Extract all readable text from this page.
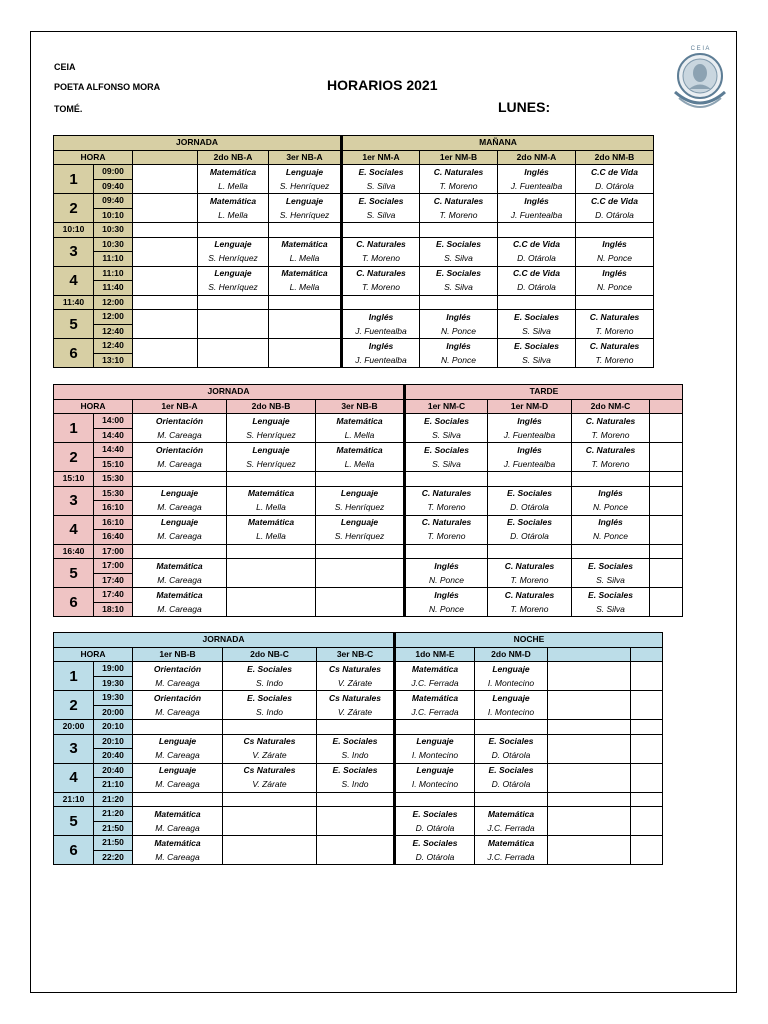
CEIA
POETA ALFONSO MORA
TOMÉ.
HORARIOS 2021
LUNES:
C E I A
JORNADA					MAÑANA			
HORA			2do NB-A	3er NB-A	1er NM-A	1er NM-B	2do NM-A	2do NM-B
1	09:00		Matemática	Lenguaje	E. Sociales	C. Naturales	Inglés	C.C de Vida
	09:40		L. Mella	S. Henríquez	S. Silva	T. Moreno	J. Fuentealba	D. Otárola
2	09:40		Matemática	Lenguaje	E. Sociales	C. Naturales	Inglés	C.C de Vida
	10:10		L. Mella	S. Henríquez	S. Silva	T. Moreno	J. Fuentealba	D. Otárola
10:10	10:30							
3	10:30		Lenguaje	Matemática	C. Naturales	E. Sociales	C.C de Vida	Inglés
	11:10		S. Henríquez	L. Mella	T. Moreno	S. Silva	D. Otárola	N. Ponce
4	11:10		Lenguaje	Matemática	C. Naturales	E. Sociales	C.C de Vida	Inglés
	11:40		S. Henríquez	L. Mella	T. Moreno	S. Silva	D. Otárola	N. Ponce
11:40	12:00							
5	12:00				Inglés	Inglés	E. Sociales	C. Naturales
	12:40				J. Fuentealba	N. Ponce	S. Silva	T. Moreno
6	12:40				Inglés	Inglés	E. Sociales	C. Naturales
	13:10				J. Fuentealba	N. Ponce	S. Silva	T. Moreno
JORNADA					TARDE			
HORA		1er NB-A	2do NB-B	3er NB-B	1er NM-C	1er NM-D	2do NM-C	
1	14:00	Orientación	Lenguaje	Matemática	E. Sociales	Inglés	C. Naturales	
	14:40	M. Careaga	S. Henríquez	L. Mella	S. Silva	J. Fuentealba	T. Moreno	
2	14:40	Orientación	Lenguaje	Matemática	E. Sociales	Inglés	C. Naturales	
	15:10	M. Careaga	S. Henríquez	L. Mella	S. Silva	J. Fuentealba	T. Moreno	
15:10	15:30							
3	15:30	Lenguaje	Matemática	Lenguaje	C. Naturales	E. Sociales	Inglés	
	16:10	M. Careaga	L. Mella	S. Henríquez	T. Moreno	D. Otárola	N. Ponce	
4	16:10	Lenguaje	Matemática	Lenguaje	C. Naturales	E. Sociales	Inglés	
	16:40	M. Careaga	L. Mella	S. Henríquez	T. Moreno	D. Otárola	N. Ponce	
16:40	17:00							
5	17:00	Matemática			Inglés	C. Naturales	E. Sociales	
	17:40	M. Careaga			N. Ponce	T. Moreno	S. Silva	
6	17:40	Matemática			Inglés	C. Naturales	E. Sociales	
	18:10	M. Careaga			N. Ponce	T. Moreno	S. Silva	
JORNADA					NOCHE			
HORA		1er NB-B	2do NB-C	3er NB-C	1do NM-E	2do NM-D		
1	19:00	Orientación	E. Sociales	Cs Naturales	Matemática	Lenguaje		
	19:30	M. Careaga	S. Indo	V. Zárate	J.C. Ferrada	I. Montecino		
2	19:30	Orientación	E. Sociales	Cs Naturales	Matemática	Lenguaje		
	20:00	M. Careaga	S. Indo	V. Zárate	J.C. Ferrada	I. Montecino		
20:00	20:10							
3	20:10	Lenguaje	Cs Naturales	E. Sociales	Lenguaje	E. Sociales		
	20:40	M. Careaga	V. Zárate	S. Indo	I. Montecino	D. Otárola		
4	20:40	Lenguaje	Cs Naturales	E. Sociales	Lenguaje	E. Sociales		
	21:10	M. Careaga	V. Zárate	S. Indo	I. Montecino	D. Otárola		
21:10	21:20							
5	21:20	Matemática			E. Sociales	Matemática		
	21:50	M. Careaga			D. Otárola	J.C. Ferrada		
6	21:50	Matemática			E. Sociales	Matemática		
	22:20	M. Careaga			D. Otárola	J.C. Ferrada		
